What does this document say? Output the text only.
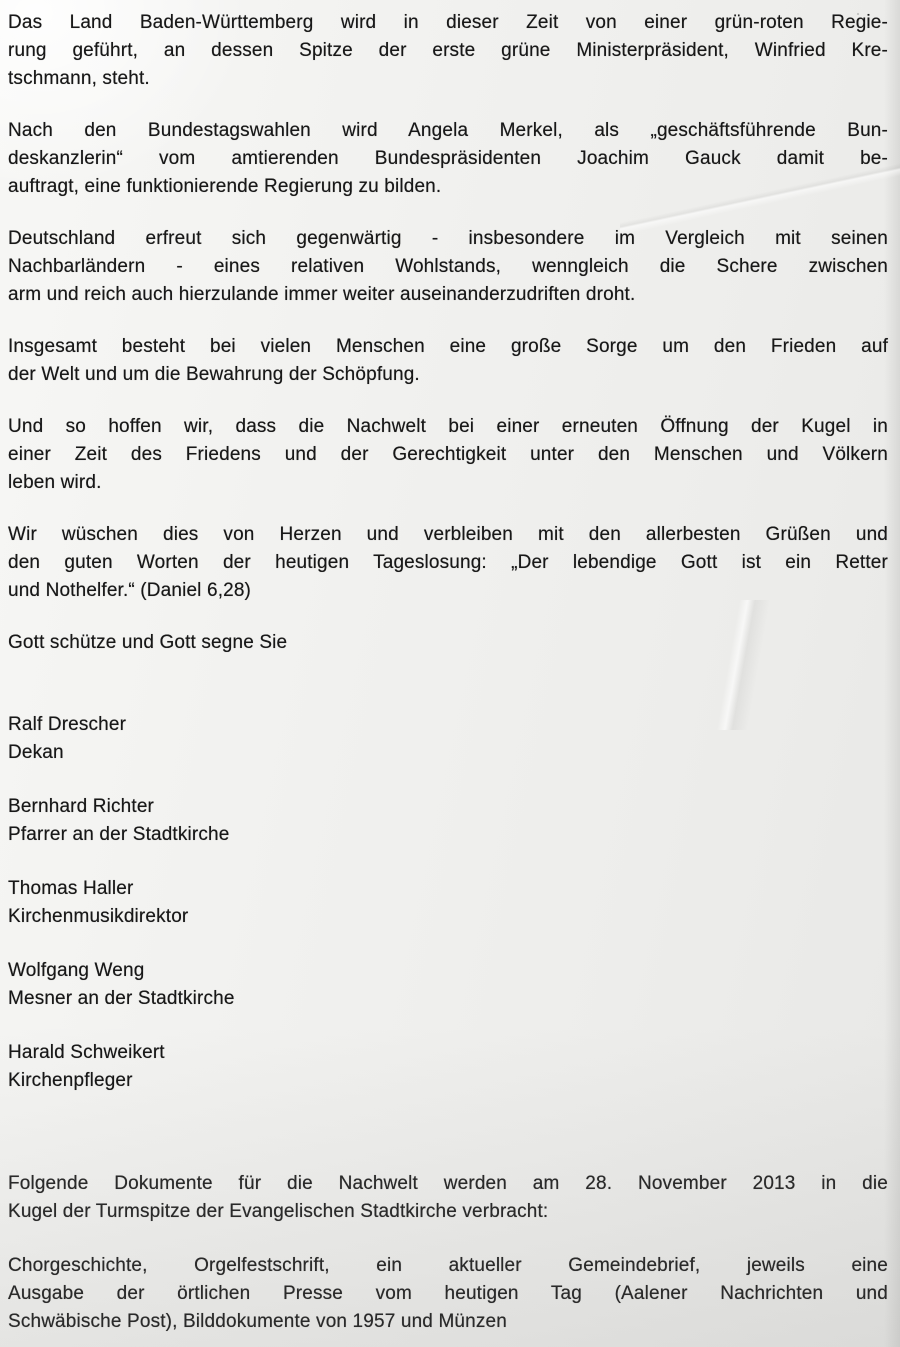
Das Land Baden-Württemberg wird in dieser Zeit von einer grün-roten Regie-
rung geführt, an dessen Spitze der erste grüne Ministerpräsident, Winfried Kre-
tschmann, steht.

Nach den Bundestagswahlen wird Angela Merkel, als „geschäftsführende Bun-
deskanzlerin“ vom amtierenden Bundespräsidenten Joachim Gauck damit be-
auftragt, eine funktionierende Regierung zu bilden.

Deutschland erfreut sich gegenwärtig - insbesondere im Vergleich mit seinen
Nachbarländern - eines relativen Wohlstands, wenngleich die Schere zwischen
arm und reich auch hierzulande immer weiter auseinanderzudriften droht.

Insgesamt besteht bei vielen Menschen eine große Sorge um den Frieden auf
der Welt und um die Bewahrung der Schöpfung.

Und so hoffen wir, dass die Nachwelt bei einer erneuten Öffnung der Kugel in
einer Zeit des Friedens und der Gerechtigkeit unter den Menschen und Völkern
leben wird.

Wir wüschen dies von Herzen und verbleiben mit den allerbesten Grüßen und
den guten Worten der heutigen Tageslosung: „Der lebendige Gott ist ein Retter
und Nothelfer.“ (Daniel 6,28)

Gott schütze und Gott segne Sie

Ralf Drescher
Dekan
Bernhard Richter
Pfarrer an der Stadtkirche
Thomas Haller
Kirchenmusikdirektor
Wolfgang Weng
Mesner an der Stadtkirche
Harald Schweikert
Kirchenpfleger

Folgende Dokumente für die Nachwelt werden am 28. November 2013 in die
Kugel der Turmspitze der Evangelischen Stadtkirche verbracht:

Chorgeschichte, Orgelfestschrift, ein aktueller Gemeindebrief, jeweils eine
Ausgabe der örtlichen Presse vom heutigen Tag (Aalener Nachrichten und
Schwäbische Post), Bilddokumente von 1957 und Münzen
